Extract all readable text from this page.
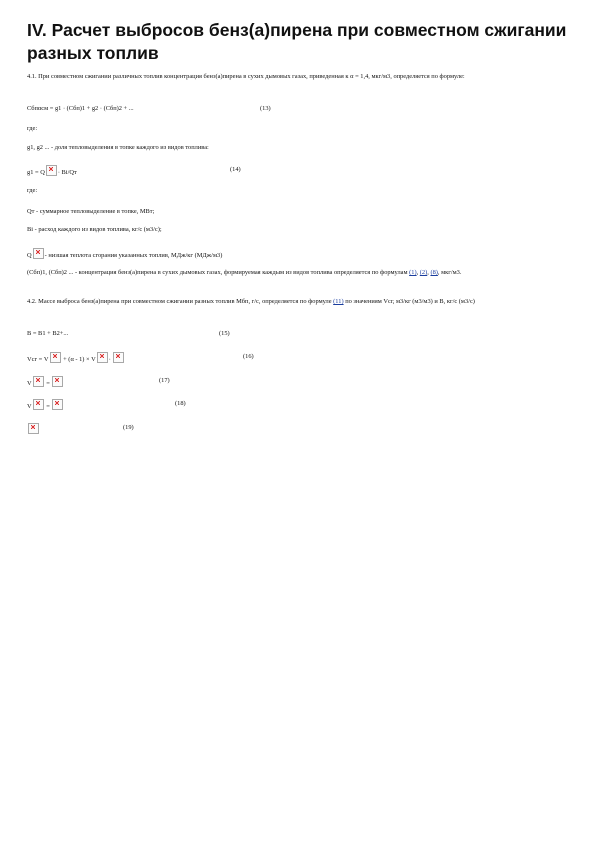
IV. Расчет выбросов бенз(а)пирена при совместном сжигании разных топлив
4.1. При совместном сжигании различных топлив концентрация бенз(а)пирена в сухих дымовых газах, приведенная к α = 1,4, мкг/м3, определяется по формуле:
Cбпαсм = g1 · (Cбп)1 + g2 · (Cбп)2 + ...	(13)
где:
g1, g2 ... - доля тепловыделения в топке каждого из видов топлива:
g1 = Q · Bi/Qт	(14)
где:
Qт - суммарное тепловыделение в топке, МВт;
Bi - расход каждого из видов топлива, кг/с (м3/с);
Q - низшая теплота сгорания указанных топлив, МДж/кг (МДж/м3)
(Cбп)1, (Cбп)2 ... - концентрация бенз(а)пирена в сухих дымовых газах, формируемая каждым из видов топлива определяется по формулам (1), (2), (8), мкг/м3.
4.2. Массе выброса бенз(а)пирена при совместном сжигании разных топлив Мбп, г/с, определяется по формуле (11) по значениям Vсг, м3/кг (м3/м3) и B, кг/с (м3/с)
B = B1 + B2+...	(15)
Vсг = V + (α - 1) × V ·	(16)
V =	(17)
V =	(18)
(19)
